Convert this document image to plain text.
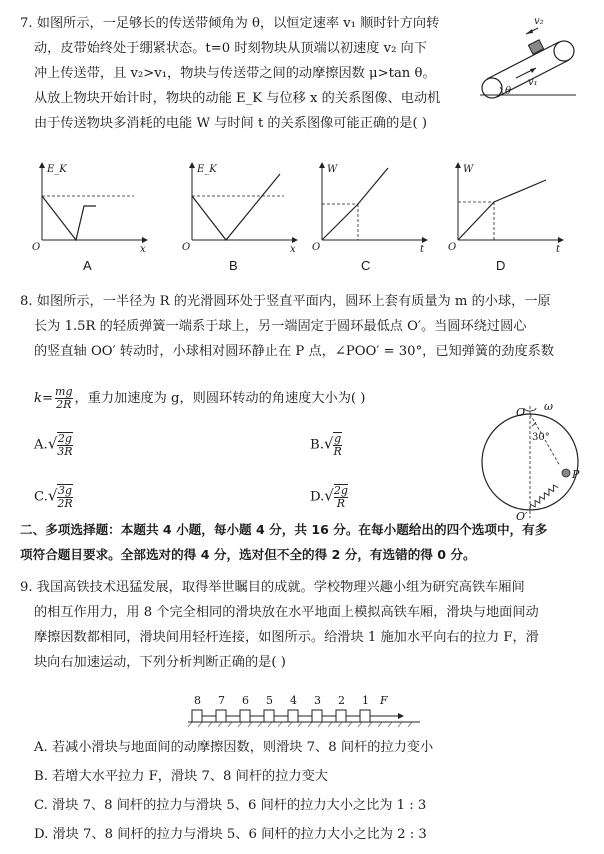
7. 如图所示，一足够长的传送带倾角为 θ，以恒定速率 v₁ 顺时针方向转
动，皮带始终处于绷紧状态。t=0 时刻物块从顶端以初速度 v₂ 向下
冲上传送带，且 v₂>v₁，物块与传送带之间的动摩擦因数 μ>tan θ。
从放上物块开始计时，物块的动能 E_K 与位移 x 的关系图像、电动机
由于传送物块多消耗的电能 W 与时间 t 的关系图像可能正确的是( )
v₂
v₁
θ
E_K
O	x
E_K
O	x
W
O	t
W
O	t
A	B	C	D
8. 如图所示，一半径为 R 的光滑圆环处于竖直平面内，圆环上套有质量为 m 的小球，一原
长为 1.5R 的轻质弹簧一端系于球上，另一端固定于圆环最低点 O′。当圆环绕过圆心
的竖直轴 OO′ 转动时，小球相对圆环静止在 P 点，∠POO′ = 30°，已知弹簧的劲度系数
$k= \frac{mg}{2R}$ ，重力加速度为 g，则圆环转动的角速度大小为( )
$A.√ \frac{2g}{3R}$	$B.√ \frac{g}{R}$
$C.√ \frac{3g}{2R}$	$D.√ \frac{2g}{R}$
O ω
30°
P
O′
二、多项选择题：本题共 4 小题，每小题 4 分，共 16 分。在每小题给出的四个选项中，有多
项符合题目要求。全部选对的得 4 分，选对但不全的得 2 分，有选错的得 0 分。
9. 我国高铁技术迅猛发展，取得举世瞩目的成就。学校物理兴趣小组为研究高铁车厢间
的相互作用力，用 8 个完全相同的滑块放在水平地面上模拟高铁车厢，滑块与地面间动
摩擦因数都相同，滑块间用轻杆连接，如图所示。给滑块 1 施加水平向右的拉力 F，滑
块向右加速运动，下列分析判断正确的是( )
8 7 6 5 4 3 2 1 F
A. 若减小滑块与地面间的动摩擦因数，则滑块 7、8 间杆的拉力变小
B. 若增大水平拉力 F，滑块 7、8 间杆的拉力变大
C. 滑块 7、8 间杆的拉力与滑块 5、6 间杆的拉力大小之比为 1 : 3
D. 滑块 7、8 间杆的拉力与滑块 5、6 间杆的拉力大小之比为 2 : 3
